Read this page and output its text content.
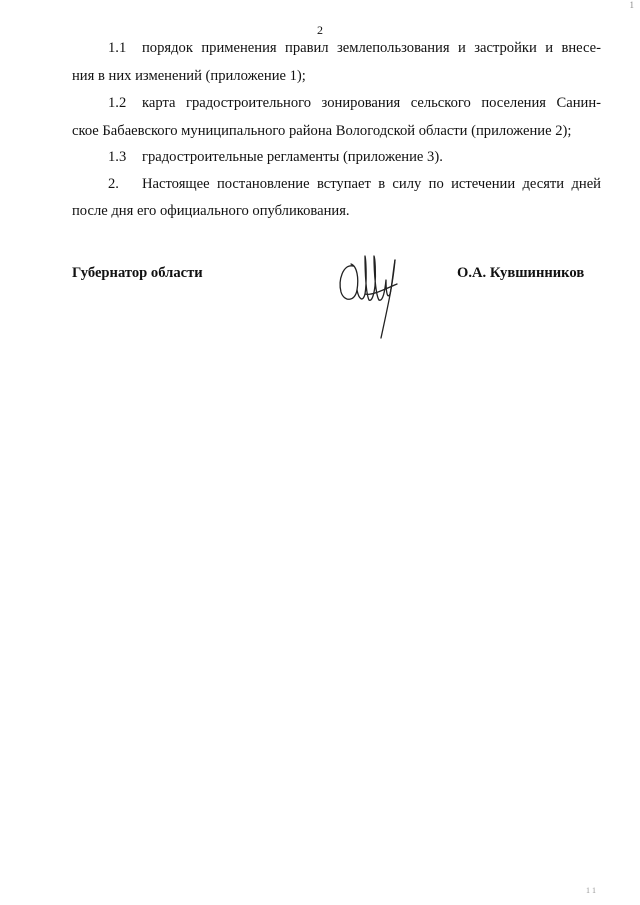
1
2
1.1 порядок применения правил землепользования и застройки и внесе-
ния в них изменений (приложение 1);
1.2 карта градостроительного зонирования сельского поселения Санин-
ское Бабаевского муниципального района Вологодской области (приложение 2);
1.3 градостроительные регламенты (приложение 3).
2. Настоящее постановление вступает в силу по истечении десяти дней
после дня его официального опубликования.
Губернатор области	О.А. Кувшинников
1 1
